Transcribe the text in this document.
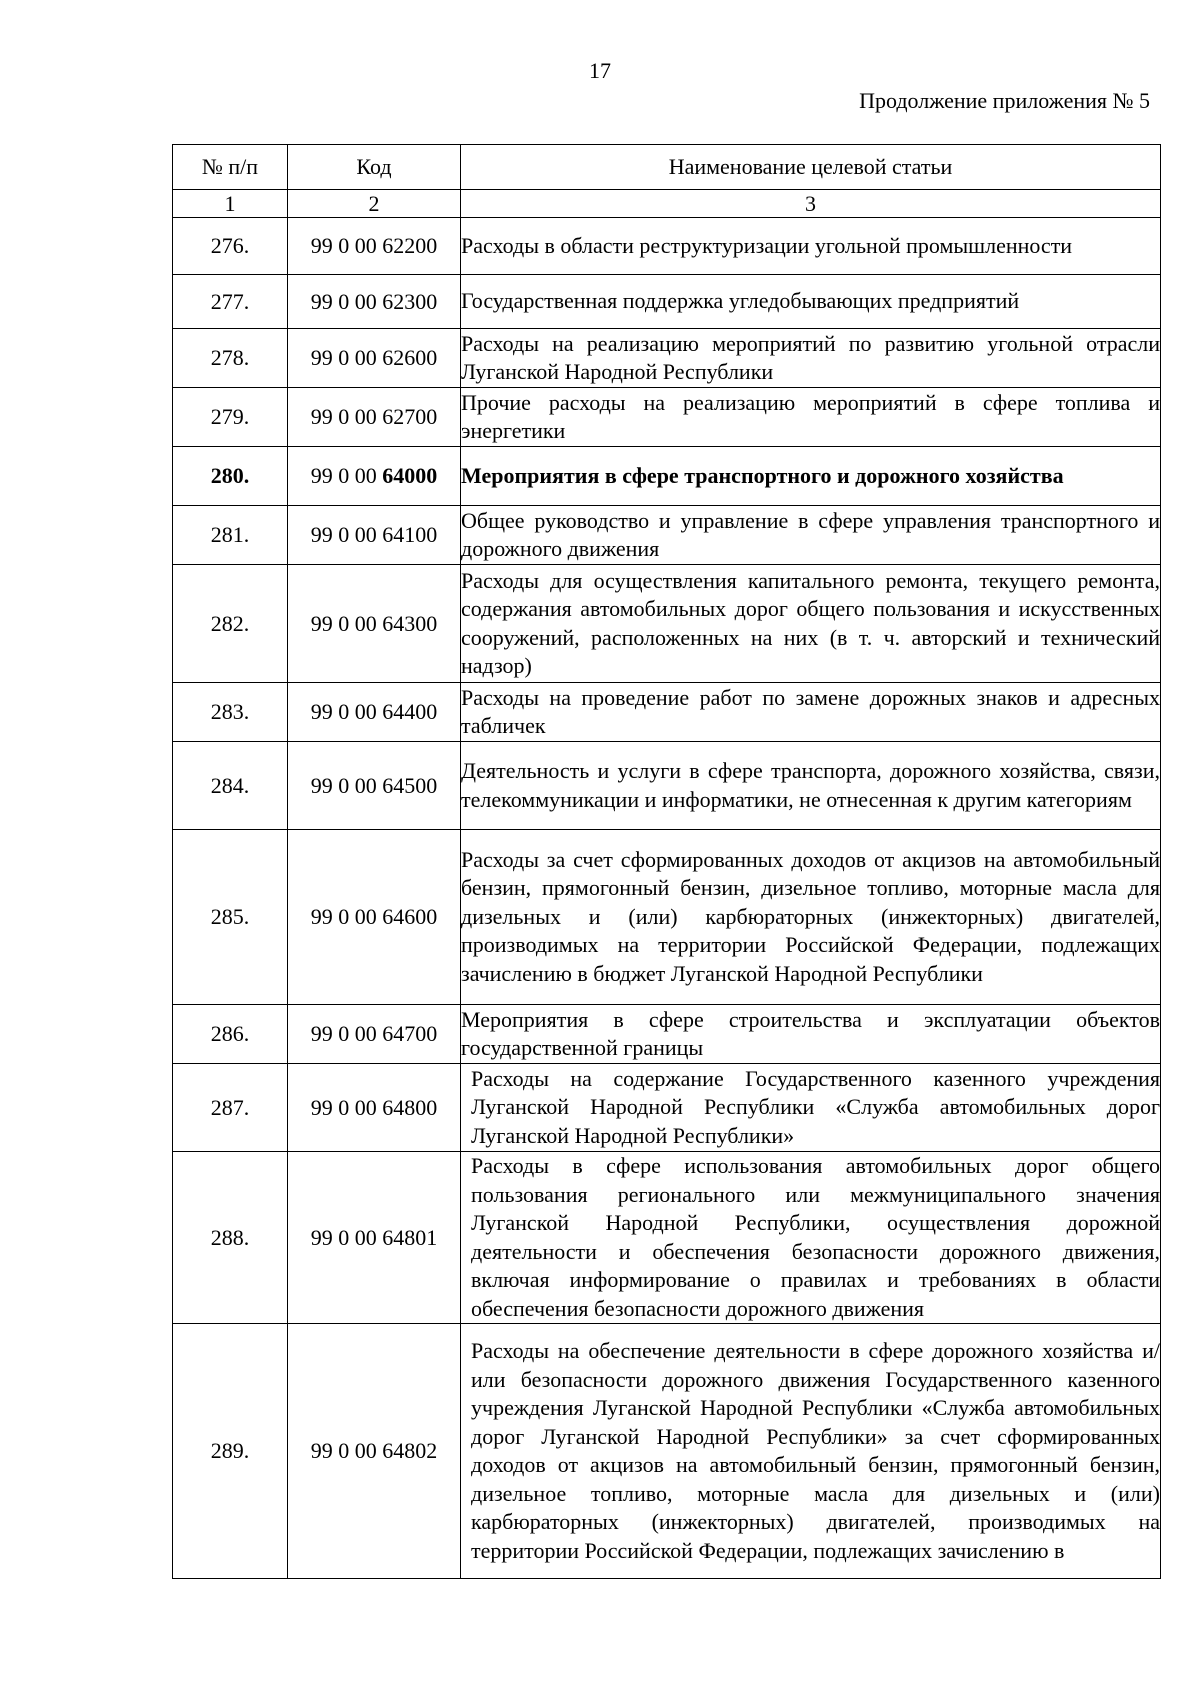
17
Продолжение приложения № 5
№ п/п	Код	Наименование целевой статьи
1	2	3
276.	99 0 00 62200	Расходы в области реструктуризации угольной промышленности
277.	99 0 00 62300	Государственная поддержка угледобывающих предприятий
278.	99 0 00 62600	Расходы на реализацию мероприятий по развитию угольной отрасли Луганской Народной Республики
279.	99 0 00 62700	Прочие расходы на реализацию мероприятий в сфере топлива и энергетики
280.	99 0 00 64000	Мероприятия в сфере транспортного и дорожного хозяйства
281.	99 0 00 64100	Общее руководство и управление в сфере управления транспортного и дорожного движения
282.	99 0 00 64300	Расходы для осуществления капитального ремонта, текущего ремонта, содержания автомобильных дорог общего пользования и искусственных сооружений, расположенных на них (в т. ч. авторский и технический надзор)
283.	99 0 00 64400	Расходы на проведение работ по замене дорожных знаков и адресных табличек
284.	99 0 00 64500	Деятельность и услуги в сфере транспорта, дорожного хозяйства, связи, телекоммуникации и информатики, не отнесенная к другим категориям
285.	99 0 00 64600	Расходы за счет сформированных доходов от акцизов на автомобильный бензин, прямогонный бензин, дизельное топливо, моторные масла для дизельных и (или) карбюраторных (инжекторных) двигателей, производимых на территории Российской Федерации, подлежащих зачислению в бюджет Луганской Народной Республики
286.	99 0 00 64700	Мероприятия в сфере строительства и эксплуатации объектов государственной границы
287.	99 0 00 64800	Расходы на содержание Государственного казенного учреждения Луганской Народной Республики «Служба автомобильных дорог Луганской Народной Республики»
288.	99 0 00 64801	Расходы в сфере использования автомобильных дорог общего пользования регионального или межмуниципального значения Луганской Народной Республики, осуществления дорожной деятельности и обеспечения безопасности дорожного движения, включая информирование о правилах и требованиях в области обеспечения безопасности дорожного движения
289.	99 0 00 64802	Расходы на обеспечение деятельности в сфере дорожного хозяйства и/или безопасности дорожного движения Государственного казенного учреждения Луганской Народной Республики «Служба автомобильных дорог Луганской Народной Республики» за счет сформированных доходов от акцизов на автомобильный бензин, прямогонный бензин, дизельное топливо, моторные масла для дизельных и (или) карбюраторных (инжекторных) двигателей, производимых на территории Российской Федерации, подлежащих зачислению в
